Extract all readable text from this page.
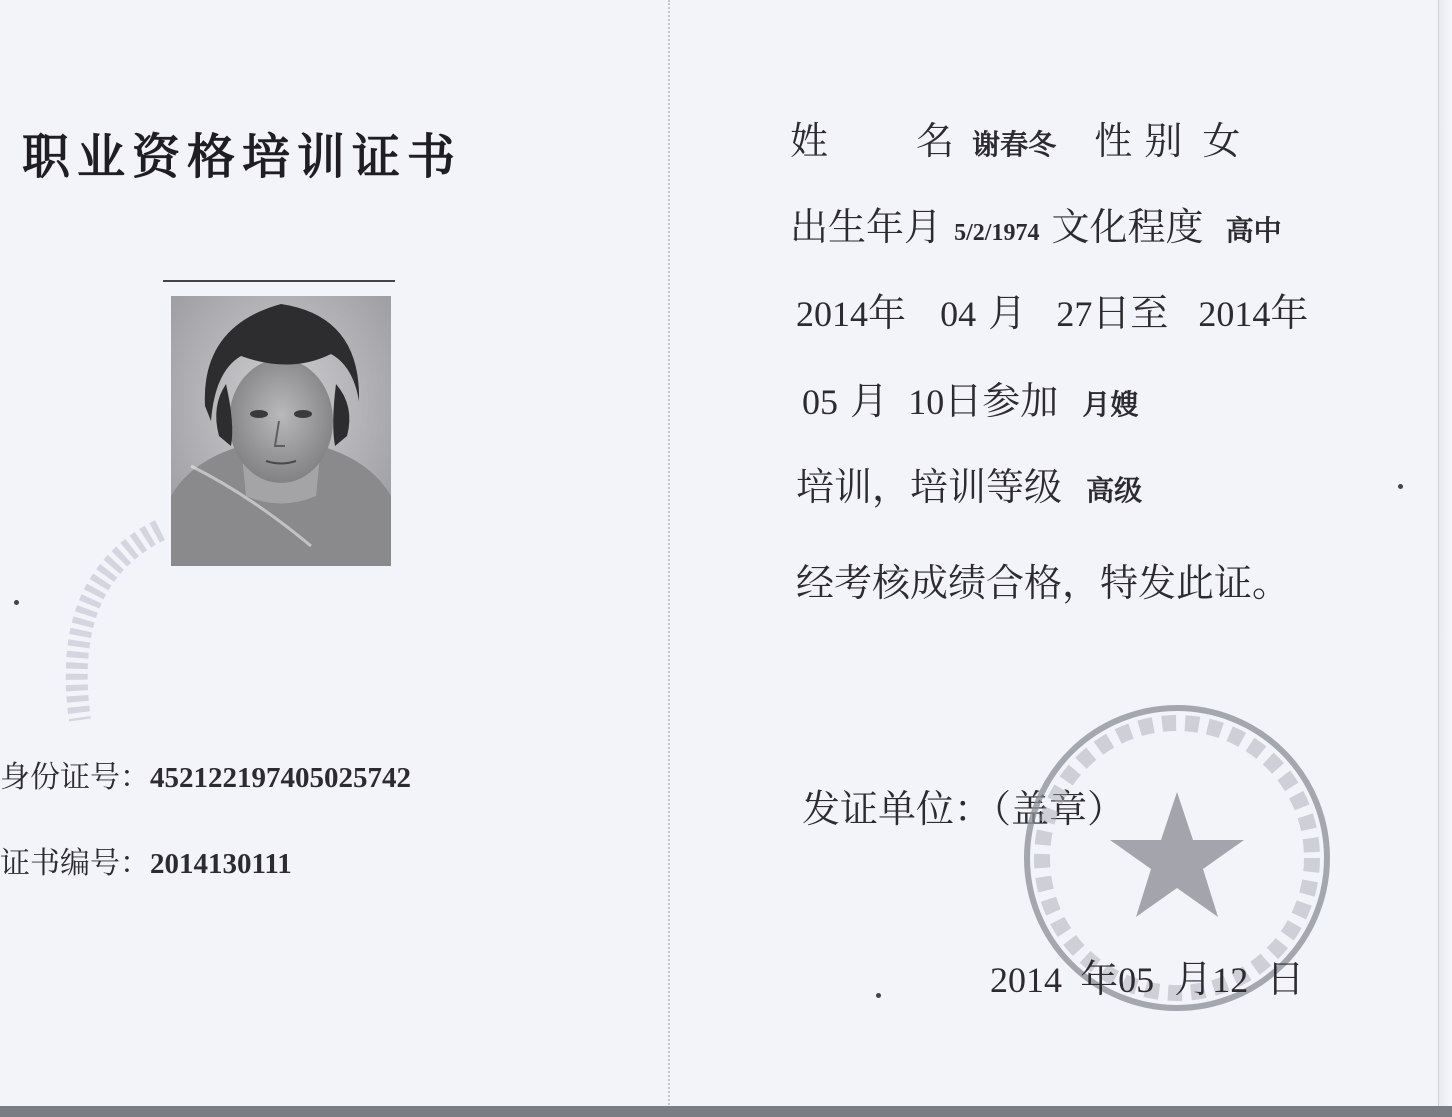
职业资格培训证书
身份证号：452122197405025742
证书编号：2014130111
姓 名 谢春冬 性 别 女
出生年月 5/2/1974 文化程度 高中
2014年 04 月 27日至 2014年
05 月 10日参加 月嫂
培训，培训等级 高级
经考核成绩合格，特发此证。
发证单位：（盖章）
2014 年05 月12 日
